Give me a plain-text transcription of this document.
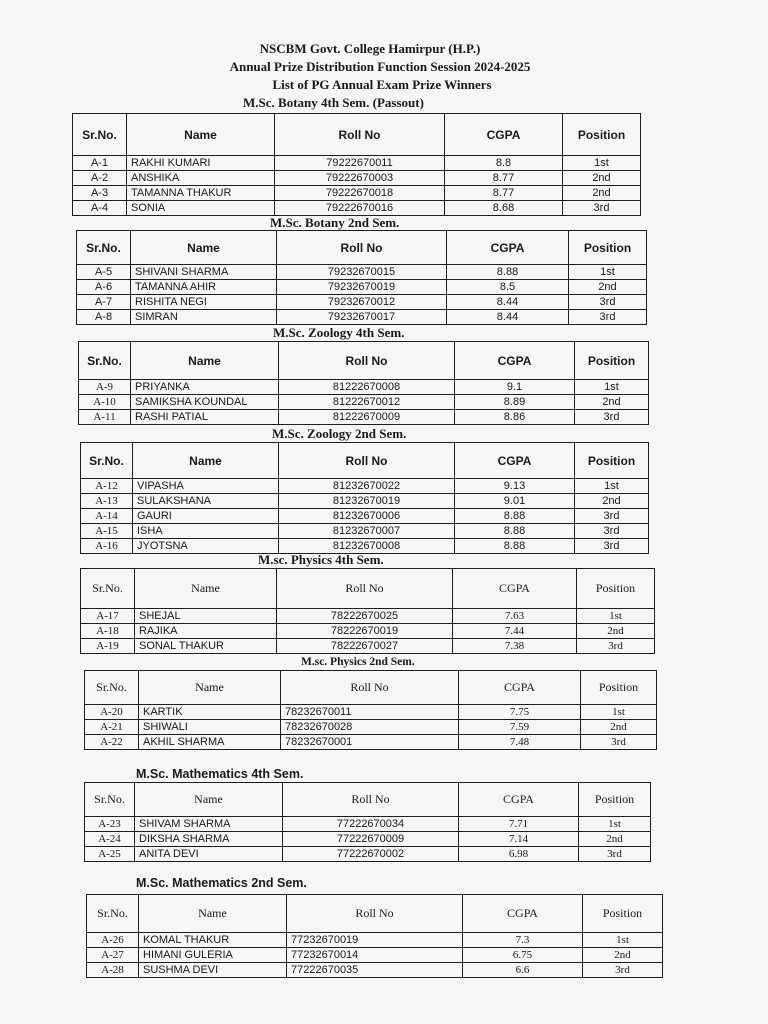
NSCBM Govt. College Hamirpur (H.P.)
Annual Prize Distribution Function Session 2024-2025
List of PG Annual Exam Prize Winners
M.Sc. Botany 4th Sem. (Passout)
Sr.No.	Name	Roll No	CGPA	Position
A-1	RAKHI KUMARI	79222670011	8.8	1st
A-2	ANSHIKA	79222670003	8.77	2nd
A-3	TAMANNA THAKUR	79222670018	8.77	2nd
A-4	SONIA	79222670016	8.68	3rd
M.Sc. Botany 2nd Sem.
Sr.No.	Name	Roll No	CGPA	Position
A-5	SHIVANI SHARMA	79232670015	8.88	1st
A-6	TAMANNA AHIR	79232670019	8.5	2nd
A-7	RISHITA NEGI	79232670012	8.44	3rd
A-8	SIMRAN	79232670017	8.44	3rd
M.Sc. Zoology 4th Sem.
Sr.No.	Name	Roll No	CGPA	Position
A-9	PRIYANKA	81222670008	9.1	1st
A-10	SAMIKSHA KOUNDAL	81222670012	8.89	2nd
A-11	RASHI PATIAL	81222670009	8.86	3rd
M.Sc. Zoology 2nd Sem.
Sr.No.	Name	Roll No	CGPA	Position
A-12	VIPASHA	81232670022	9.13	1st
A-13	SULAKSHANA	81232670019	9.01	2nd
A-14	GAURI	81232670006	8.88	3rd
A-15	ISHA	81232670007	8.88	3rd
A-16	JYOTSNA	81232670008	8.88	3rd
M.sc. Physics 4th Sem.
Sr.No.	Name	Roll No	CGPA	Position
A-17	SHEJAL	78222670025	7.63	1st
A-18	RAJIKA	78222670019	7.44	2nd
A-19	SONAL THAKUR	78222670027	7.38	3rd
M.sc. Physics 2nd Sem.
Sr.No.	Name	Roll No	CGPA	Position
A-20	KARTIK	78232670011	7.75	1st
A-21	SHIWALI	78232670028	7.59	2nd
A-22	AKHIL SHARMA	78232670001	7.48	3rd
M.Sc. Mathematics 4th Sem.
Sr.No.	Name	Roll No	CGPA	Position
A-23	SHIVAM SHARMA	77222670034	7.71	1st
A-24	DIKSHA SHARMA	77222670009	7.14	2nd
A-25	ANITA DEVI	77222670002	6.98	3rd
M.Sc. Mathematics 2nd Sem.
Sr.No.	Name	Roll No	CGPA	Position
A-26	KOMAL THAKUR	77232670019	7.3	1st
A-27	HIMANI GULERIA	77232670014	6.75	2nd
A-28	SUSHMA DEVI	77222670035	6.6	3rd
